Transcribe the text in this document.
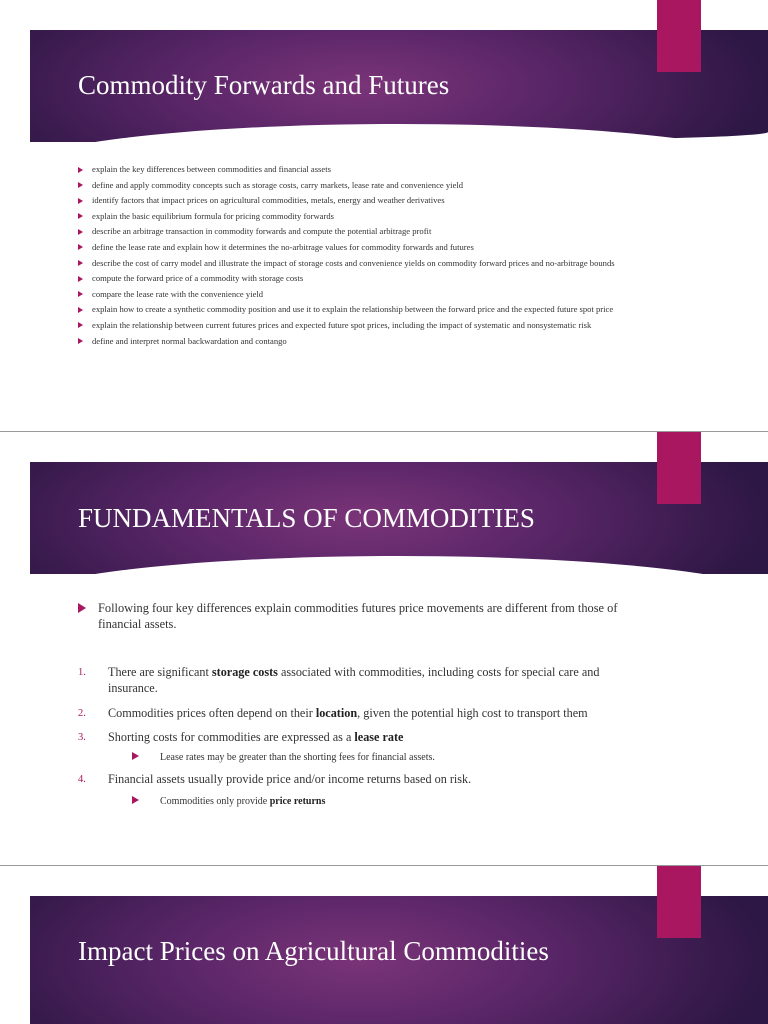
Commodity Forwards and Futures
explain the key differences between commodities and financial assets
define and apply commodity concepts such as storage costs, carry markets, lease rate and convenience yield
identify factors that impact prices on agricultural commodities, metals, energy and weather derivatives
explain the basic equilibrium formula for pricing commodity forwards
describe an arbitrage transaction in commodity forwards and compute the potential arbitrage profit
define the lease rate and explain how it determines the no-arbitrage values for commodity forwards and futures
describe the cost of carry model and illustrate the impact of storage costs and convenience yields on commodity forward prices and no-arbitrage bounds
compute the forward price of a commodity with storage costs
compare the lease rate with the convenience yield
explain how to create a synthetic commodity position and use it to explain the relationship between the forward price and the expected future spot price
explain the relationship between current futures prices and expected future spot prices, including the impact of systematic and nonsystematic risk
define and interpret normal backwardation and contango
FUNDAMENTALS OF COMMODITIES
Following four key differences explain commodities futures price movements are different from those of financial assets.
1. There are significant storage costs associated with commodities, including costs for special care and insurance.
2. Commodities prices often depend on their location, given the potential high cost to transport them
3. Shorting costs for commodities are expressed as a lease rate
Lease rates may be greater than the shorting fees for financial assets.
4. Financial assets usually provide price and/or income returns based on risk.
Commodities only provide price returns
Impact Prices on Agricultural Commodities
